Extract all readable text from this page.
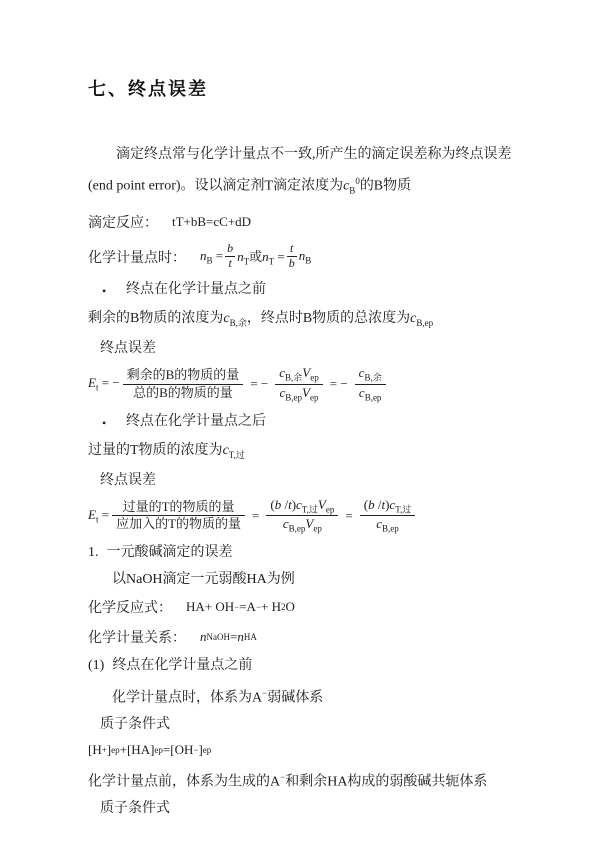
七、终点误差

滴定终点常与化学计量点不一致,所产生的滴定误差称为终点误差(end point error)。设以滴定剂T滴定浓度为$c_B^0$的B物质

滴定反应： tT+bB=cC+dD
化学计量点时： $n_B = \frac{b}{t} n_T$或$n_T = \frac{t}{b} n_B$
•	终点在化学计量点之前
剩余的B物质的浓度为$c_{B,余}$，终点时B物质的总浓度为$c_{B,ep}$
终点误差
$E_t$ = − $\frac{\text{剩余的B的物质的量}}{\text{总的B的物质的量}}$ = − $\frac{c_{B,余}V_{ep}}{c_{B,ep}V_{ep}}$ = − $\frac{c_{B,余}}{c_{B,ep}}$
•	终点在化学计量点之后
过量的T物质的浓度为$c_{T,过}$
终点误差
$E_t = \frac{\text{过量的T的物质的量}}{\text{应加入的T的物质的量}} = \frac{(b /t)c_{T,过}V_{ep}}{c_{B,ep}V_{ep}} = \frac{(b /t)c_{T,过}}{c_{B,ep}}$
1. 一元酸碱滴定的误差
以NaOH滴定一元弱酸HA为例
化学反应式： HA+ OH − =A − + H 2 O
化学计量关系： n NaOH = n HA
(1) 终点在化学计量点之前
化学计量点时，体系为A−弱碱体系
质子条件式
[H + ] ep +[HA] ep =[OH − ] ep
化学计量点前，体系为生成的A−和剩余HA构成的弱酸碱共轭体系
质子条件式
